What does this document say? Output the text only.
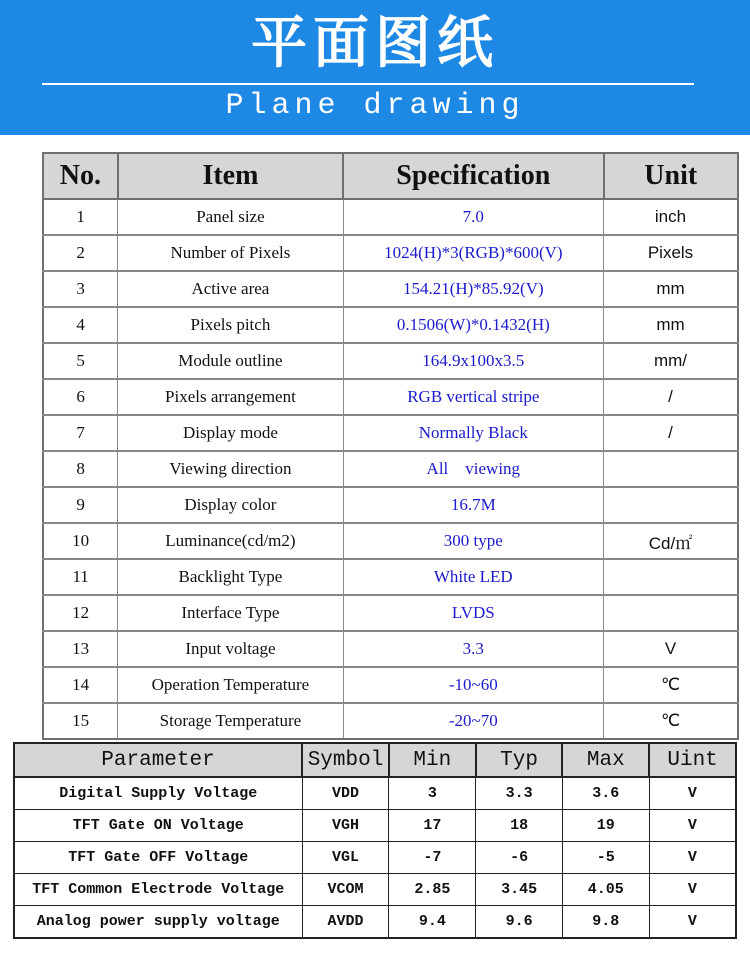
平面图纸
Plane drawing
No.	Item	Specification	Unit
1	Panel size	7.0	inch
2	Number of Pixels	1024(H)*3(RGB)*600(V)	Pixels
3	Active area	154.21(H)*85.92(V)	mm
4	Pixels pitch	0.1506(W)*0.1432(H)	mm
5	Module outline	164.9x100x3.5	mm/
6	Pixels arrangement	RGB vertical stripe	/
7	Display mode	Normally Black	/
8	Viewing direction	All    viewing	
9	Display color	16.7M	
10	Luminance(cd/m2)	300 type	Cd/㎡
11	Backlight Type	White LED	
12	Interface Type	LVDS	
13	Input voltage	3.3	V
14	Operation Temperature	-10~60	℃
15	Storage Temperature	-20~70	℃
Parameter	Symbol	Min	Typ	Max	Uint
Digital Supply Voltage	VDD	3	3.3	3.6	V
TFT Gate ON Voltage	VGH	17	18	19	V
TFT Gate OFF Voltage	VGL	-7	-6	-5	V
TFT Common Electrode Voltage	VCOM	2.85	3.45	4.05	V
Analog power supply voltage	AVDD	9.4	9.6	9.8	V
